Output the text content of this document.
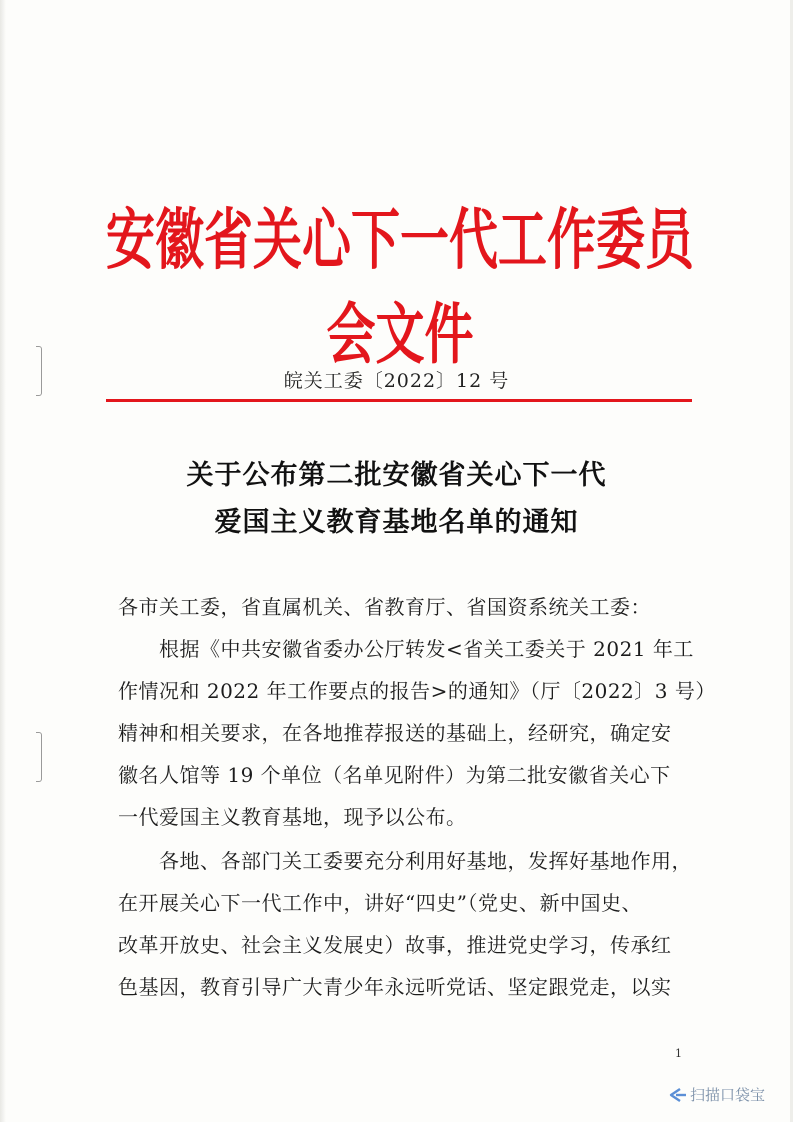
安徽省关心下一代工作委员会文件
皖关工委〔2022〕12 号
关于公布第二批安徽省关心下一代
爱国主义教育基地名单的通知
各市关工委，省直属机关、省教育厅、省国资系统关工委：
　　根据《中共安徽省委办公厅转发<省关工委关于 2021 年工
作情况和 2022 年工作要点的报告>的通知》（厅〔2022〕3 号）
精神和相关要求，在各地推荐报送的基础上，经研究，确定安
徽名人馆等 19 个单位（名单见附件）为第二批安徽省关心下
一代爱国主义教育基地，现予以公布。
　　各地、各部门关工委要充分利用好基地，发挥好基地作用，
在开展关心下一代工作中，讲好“四史”（党史、新中国史、
改革开放史、社会主义发展史）故事，推进党史学习，传承红
色基因，教育引导广大青少年永远听党话、坚定跟党走，以实
1
扫描口袋宝
